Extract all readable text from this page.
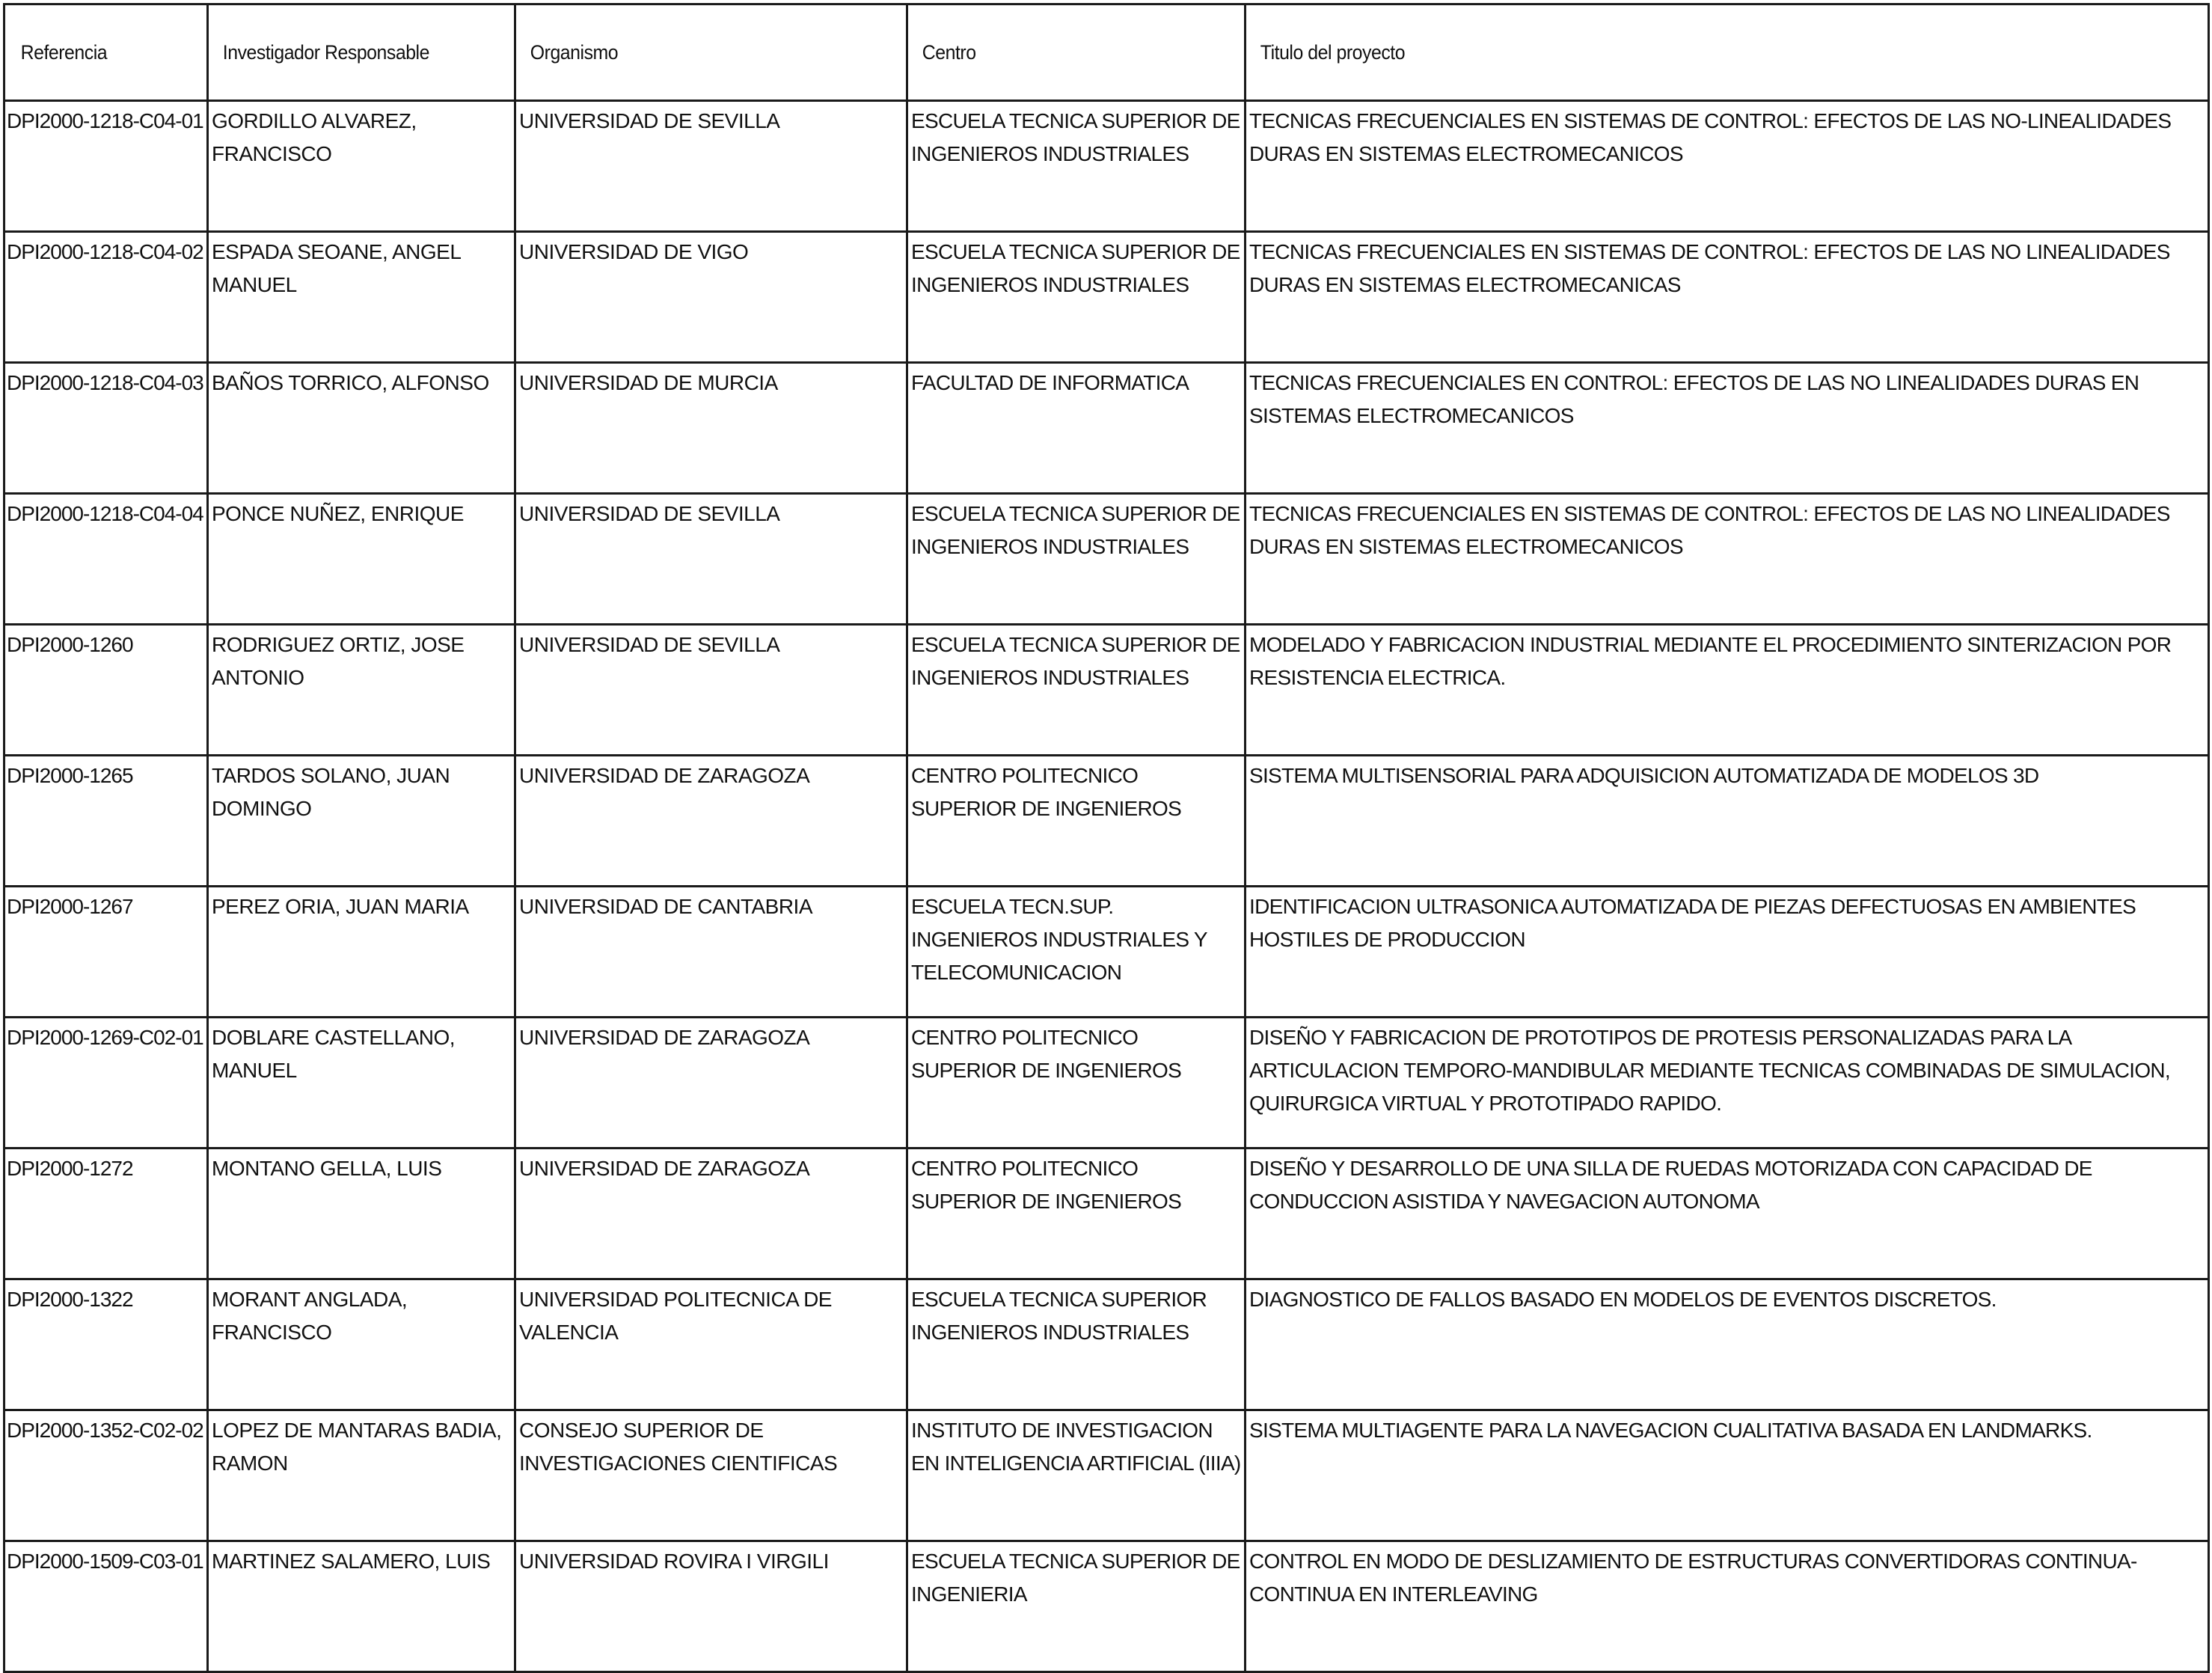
Referencia	Investigador Responsable	Organismo	Centro	Titulo del proyecto
DPI2000-1218-C04-01	GORDILLO ALVAREZ, FRANCISCO	UNIVERSIDAD DE SEVILLA	ESCUELA TECNICA SUPERIOR DE INGENIEROS INDUSTRIALES	TECNICAS FRECUENCIALES EN SISTEMAS DE CONTROL: EFECTOS DE LAS NO-LINEALIDADES DURAS EN SISTEMAS ELECTROMECANICOS
DPI2000-1218-C04-02	ESPADA SEOANE, ANGEL MANUEL	UNIVERSIDAD DE VIGO	ESCUELA TECNICA SUPERIOR DE INGENIEROS INDUSTRIALES	TECNICAS FRECUENCIALES EN SISTEMAS DE CONTROL: EFECTOS DE LAS NO LINEALIDADES DURAS EN SISTEMAS ELECTROMECANICAS
DPI2000-1218-C04-03	BAÑOS TORRICO, ALFONSO	UNIVERSIDAD DE MURCIA	FACULTAD DE INFORMATICA	TECNICAS FRECUENCIALES EN CONTROL: EFECTOS DE LAS NO LINEALIDADES DURAS EN SISTEMAS ELECTROMECANICOS
DPI2000-1218-C04-04	PONCE NUÑEZ, ENRIQUE	UNIVERSIDAD DE SEVILLA	ESCUELA TECNICA SUPERIOR DE INGENIEROS INDUSTRIALES	TECNICAS FRECUENCIALES EN SISTEMAS DE CONTROL: EFECTOS DE LAS NO LINEALIDADES DURAS EN SISTEMAS ELECTROMECANICOS
DPI2000-1260	RODRIGUEZ ORTIZ, JOSE ANTONIO	UNIVERSIDAD DE SEVILLA	ESCUELA TECNICA SUPERIOR DE INGENIEROS INDUSTRIALES	MODELADO Y FABRICACION INDUSTRIAL MEDIANTE EL PROCEDIMIENTO SINTERIZACION POR RESISTENCIA ELECTRICA.
DPI2000-1265	TARDOS SOLANO, JUAN DOMINGO	UNIVERSIDAD DE ZARAGOZA	CENTRO POLITECNICO SUPERIOR DE INGENIEROS	SISTEMA MULTISENSORIAL PARA ADQUISICION AUTOMATIZADA DE MODELOS 3D
DPI2000-1267	PEREZ ORIA, JUAN MARIA	UNIVERSIDAD DE CANTABRIA	ESCUELA TECN.SUP. INGENIEROS INDUSTRIALES Y TELECOMUNICACION	IDENTIFICACION ULTRASONICA AUTOMATIZADA DE PIEZAS DEFECTUOSAS EN AMBIENTES HOSTILES DE PRODUCCION
DPI2000-1269-C02-01	DOBLARE CASTELLANO, MANUEL	UNIVERSIDAD DE ZARAGOZA	CENTRO POLITECNICO SUPERIOR DE INGENIEROS	DISEÑO Y FABRICACION DE PROTOTIPOS DE PROTESIS PERSONALIZADAS PARA LA ARTICULACION TEMPORO-MANDIBULAR MEDIANTE TECNICAS COMBINADAS DE SIMULACION, QUIRURGICA VIRTUAL Y PROTOTIPADO RAPIDO.
DPI2000-1272	MONTANO GELLA, LUIS	UNIVERSIDAD DE ZARAGOZA	CENTRO POLITECNICO SUPERIOR DE INGENIEROS	DISEÑO Y DESARROLLO DE UNA SILLA DE RUEDAS MOTORIZADA CON CAPACIDAD DE CONDUCCION ASISTIDA Y NAVEGACION AUTONOMA
DPI2000-1322	MORANT ANGLADA, FRANCISCO	UNIVERSIDAD POLITECNICA DE VALENCIA	ESCUELA TECNICA SUPERIOR INGENIEROS INDUSTRIALES	DIAGNOSTICO DE FALLOS BASADO EN MODELOS DE EVENTOS DISCRETOS.
DPI2000-1352-C02-02	LOPEZ DE MANTARAS BADIA, RAMON	CONSEJO SUPERIOR DE INVESTIGACIONES CIENTIFICAS	INSTITUTO DE INVESTIGACION EN INTELIGENCIA ARTIFICIAL (IIIA)	SISTEMA MULTIAGENTE PARA LA NAVEGACION CUALITATIVA BASADA EN LANDMARKS.
DPI2000-1509-C03-01	MARTINEZ SALAMERO, LUIS	UNIVERSIDAD ROVIRA I VIRGILI	ESCUELA TECNICA SUPERIOR DE INGENIERIA	CONTROL EN MODO DE DESLIZAMIENTO DE ESTRUCTURAS CONVERTIDORAS CONTINUA-CONTINUA EN INTERLEAVING
